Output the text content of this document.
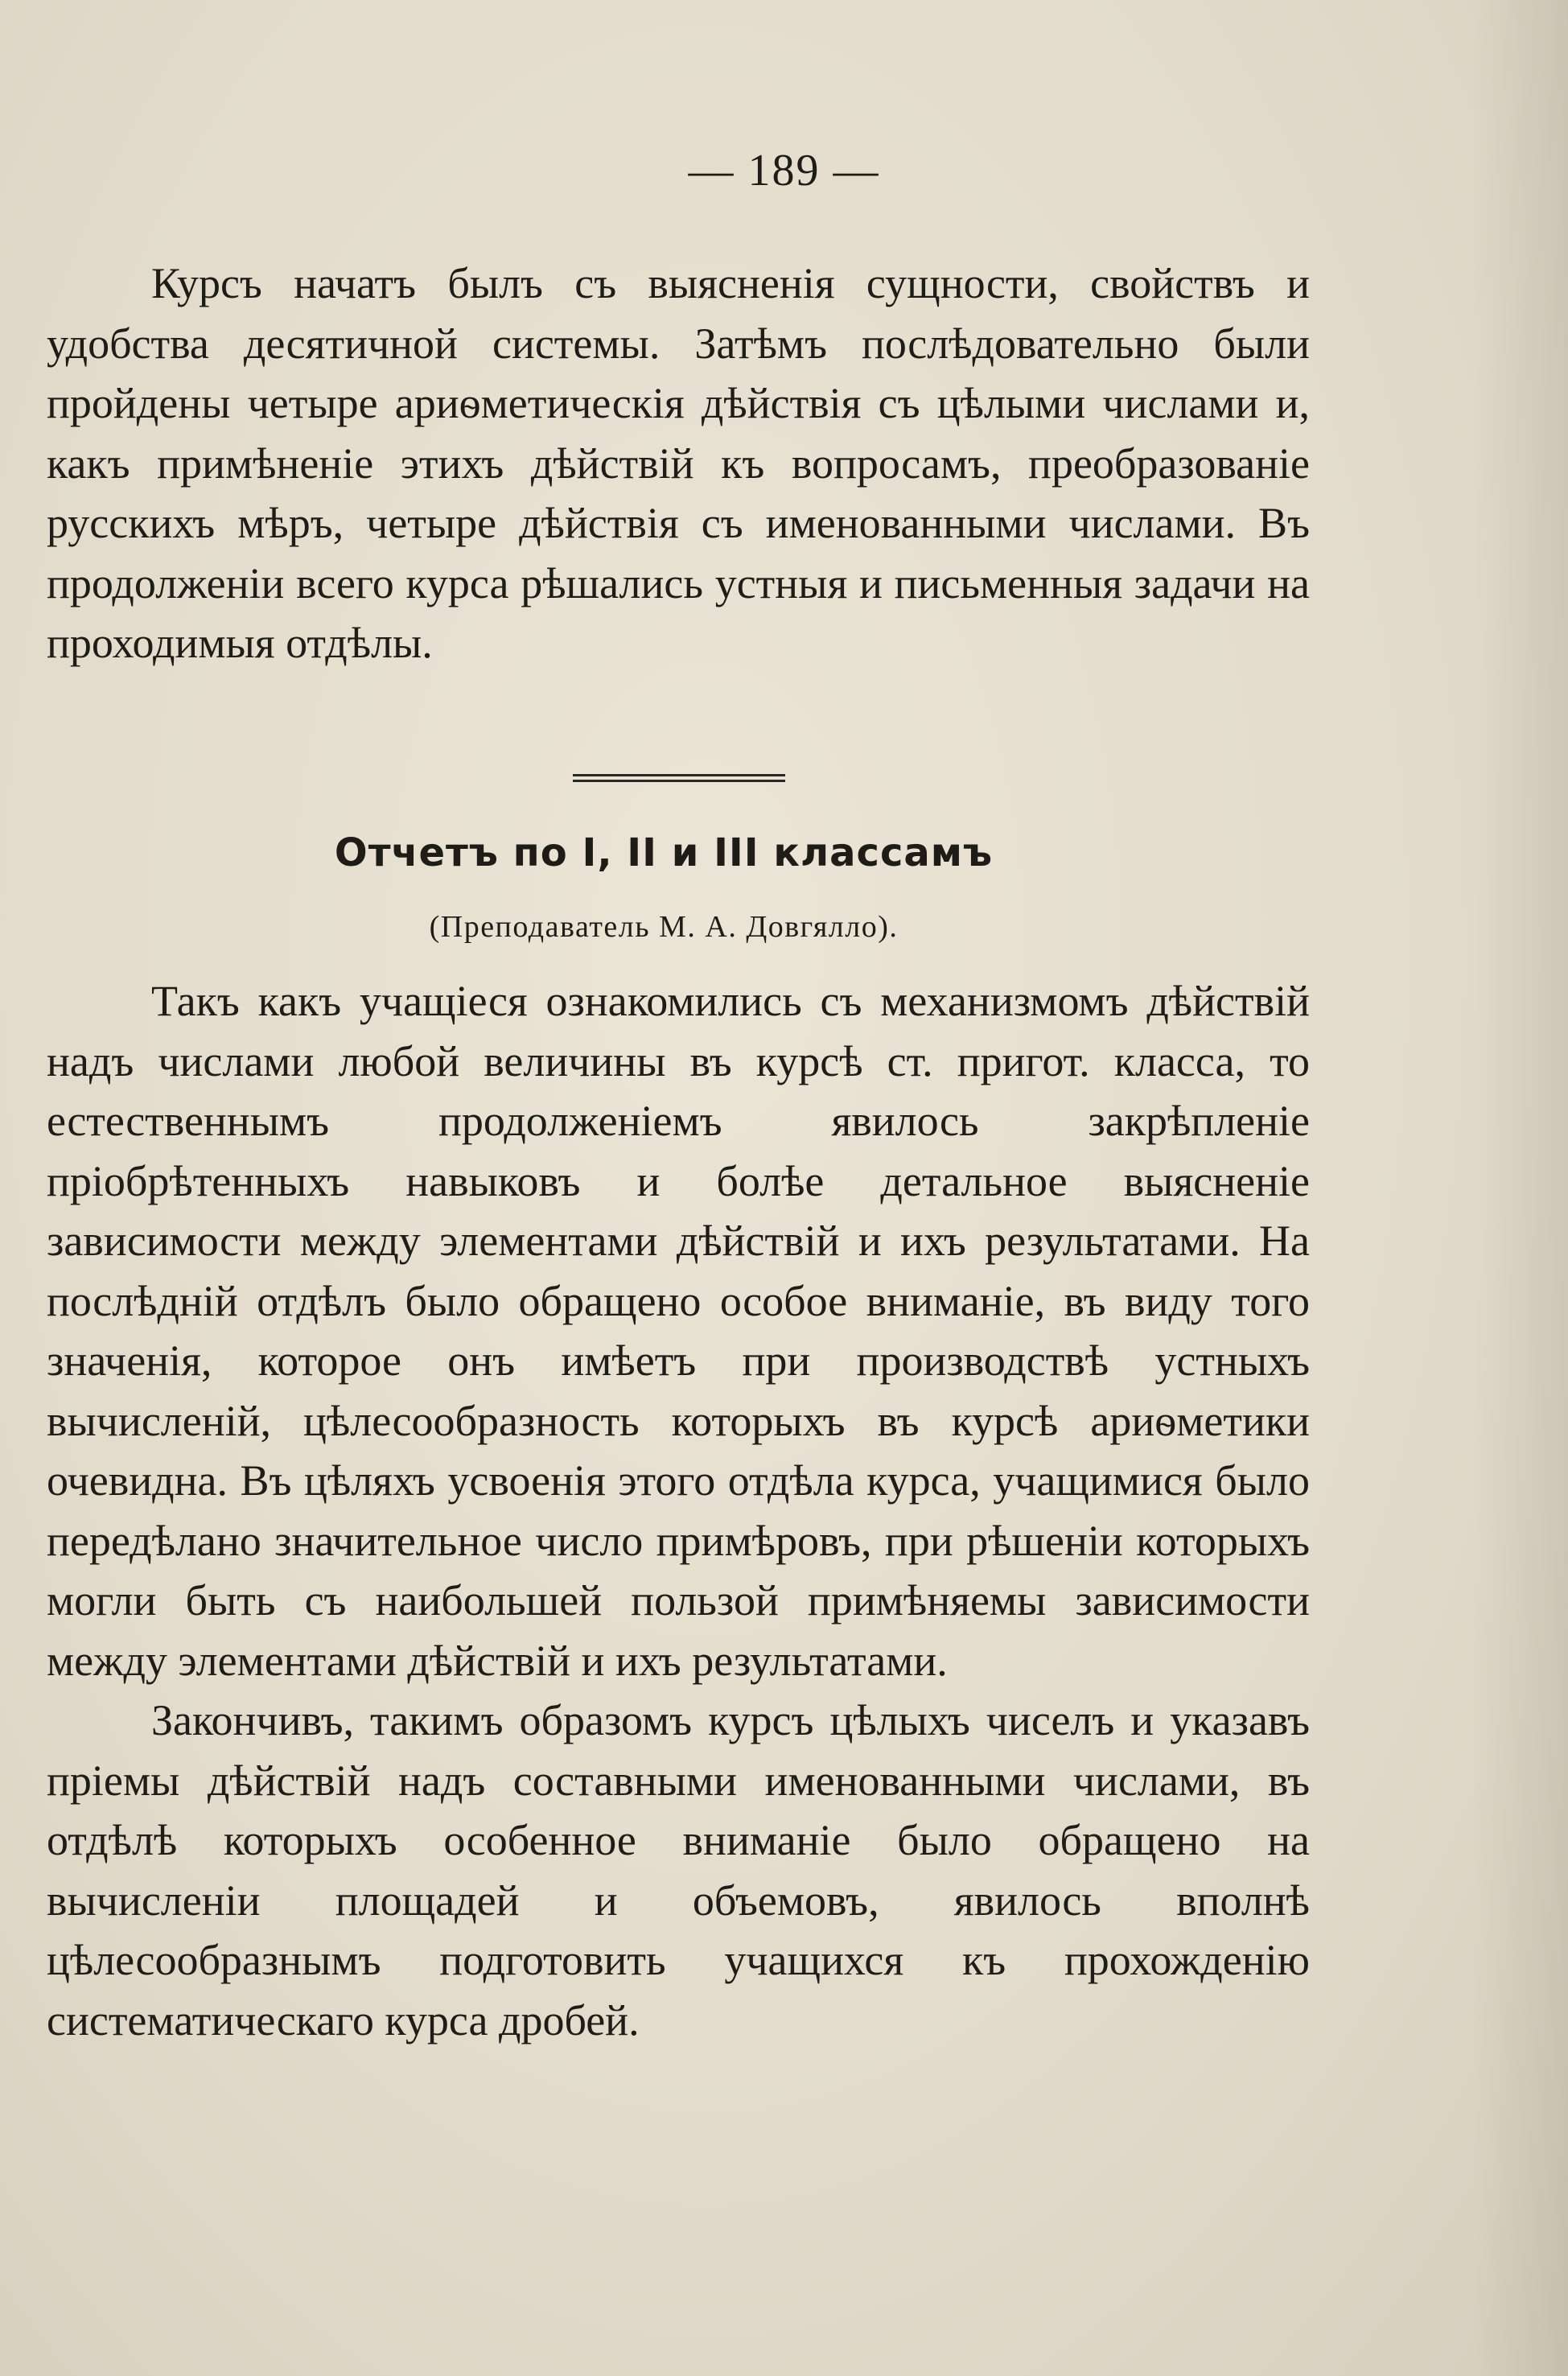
— 189 —

Курсъ начатъ былъ съ выясненія сущности, свойствъ и удобства десятичной системы. Затѣмъ послѣдовательно были пройдены четыре ариѳметическія дѣйствія съ цѣлыми числами и, какъ примѣненіе этихъ дѣйствій къ вопросамъ, преобразованіе русскихъ мѣръ, четыре дѣйствія съ именованными числами. Въ продолженіи всего курса рѣшались устныя и письменныя задачи на проходимыя отдѣлы.

Отчетъ по I, II и III классамъ
(Преподаватель М. А. Довгялло).

Такъ какъ учащіеся ознакомились съ механизмомъ дѣйствій надъ числами любой величины въ курсѣ ст. пригот. класса, то естественнымъ продолженіемъ явилось закрѣпленіе пріобрѣтенныхъ навыковъ и болѣе детальное выясненіе зависимости между элементами дѣйствій и ихъ результатами. На послѣдній отдѣлъ было обращено особое вниманіе, въ виду того значенія, которое онъ имѣетъ при производствѣ устныхъ вычисленій, цѣлесообразность которыхъ въ курсѣ ариѳметики очевидна. Въ цѣляхъ усвоенія этого отдѣла курса, учащимися было передѣлано значительное число примѣровъ, при рѣшеніи которыхъ могли быть съ наибольшей пользой примѣняемы зависимости между элементами дѣйствій и ихъ результатами.

Закончивъ, такимъ образомъ курсъ цѣлыхъ чиселъ и указавъ пріемы дѣйствій надъ составными именованными числами, въ отдѣлѣ которыхъ особенное вниманіе было обращено на вычисленіи площадей и объемовъ, явилось вполнѣ цѣлесообразнымъ подготовить учащихся къ прохожденію систематическаго курса дробей.
